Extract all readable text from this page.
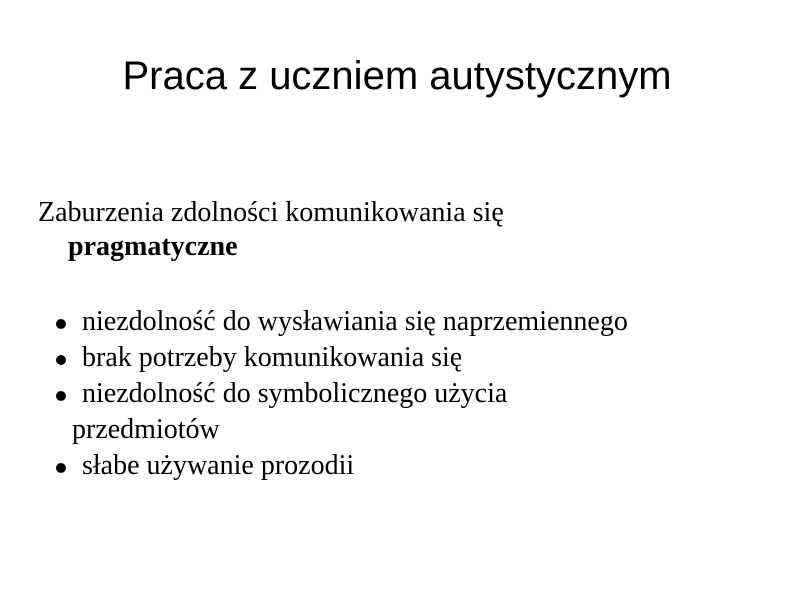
Praca z uczniem autystycznym

Zaburzenia zdolności komunikowania się
pragmatyczne

niezdolność do wysławiania się naprzemiennego
brak potrzeby komunikowania się
niezdolność do symbolicznego użycia
przedmiotów
słabe używanie prozodii
